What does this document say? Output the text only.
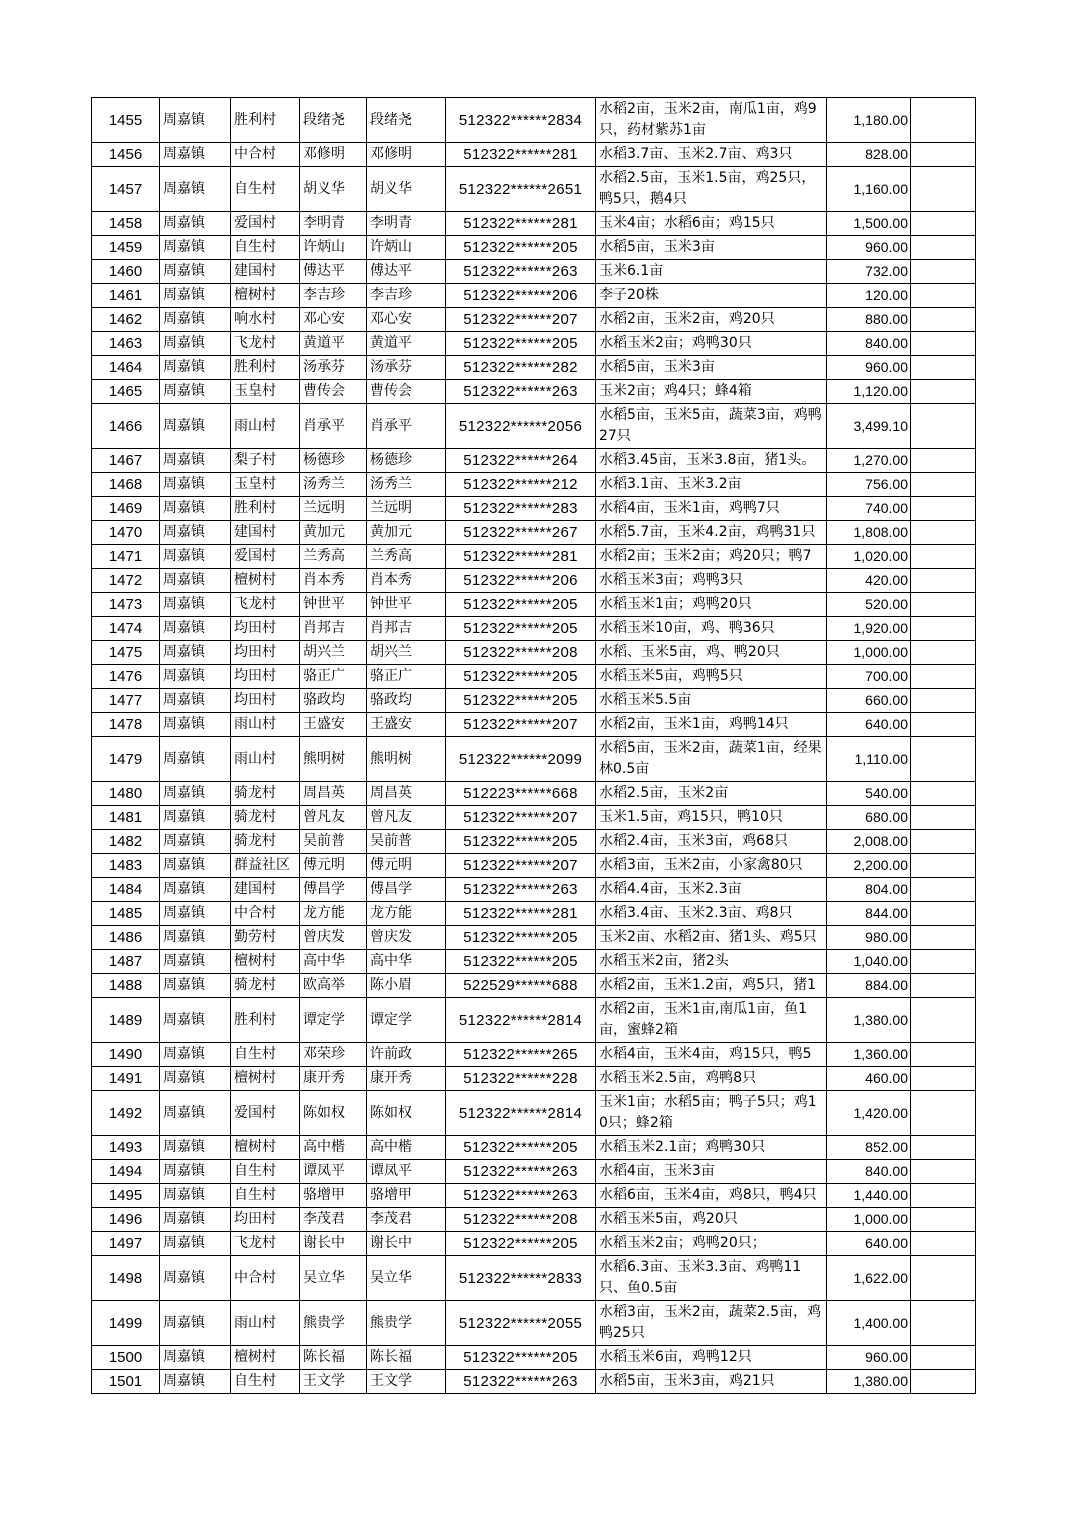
1455	周嘉镇	胜利村	段绪尧	段绪尧	512322******2834	水稻2亩，玉米2亩，南瓜1亩，鸡9只，药材紫苏1亩	1,180.00	
1456	周嘉镇	中合村	邓修明	邓修明	512322******281	水稻3.7亩、玉米2.7亩、鸡3只	828.00	
1457	周嘉镇	自生村	胡义华	胡义华	512322******2651	水稻2.5亩，玉米1.5亩，鸡25只，鸭5只，鹅4只	1,160.00	
1458	周嘉镇	爱国村	李明青	李明青	512322******281	玉米4亩；水稻6亩；鸡15只	1,500.00	
1459	周嘉镇	自生村	许炳山	许炳山	512322******205	水稻5亩，玉米3亩	960.00	
1460	周嘉镇	建国村	傅达平	傅达平	512322******263	玉米6.1亩	732.00	
1461	周嘉镇	檀树村	李吉珍	李吉珍	512322******206	李子20株	120.00	
1462	周嘉镇	响水村	邓心安	邓心安	512322******207	水稻2亩，玉米2亩，鸡20只	880.00	
1463	周嘉镇	飞龙村	黄道平	黄道平	512322******205	水稻玉米2亩；鸡鸭30只	840.00	
1464	周嘉镇	胜利村	汤承芬	汤承芬	512322******282	水稻5亩，玉米3亩	960.00	
1465	周嘉镇	玉皇村	曹传会	曹传会	512322******263	玉米2亩；鸡4只；蜂4箱	1,120.00	
1466	周嘉镇	雨山村	肖承平	肖承平	512322******2056	水稻5亩，玉米5亩，蔬菜3亩，鸡鸭27只	3,499.10	
1467	周嘉镇	梨子村	杨德珍	杨德珍	512322******264	水稻3.45亩，玉米3.8亩，猪1头。	1,270.00	
1468	周嘉镇	玉皇村	汤秀兰	汤秀兰	512322******212	水稻3.1亩、玉米3.2亩	756.00	
1469	周嘉镇	胜利村	兰远明	兰远明	512322******283	水稻4亩，玉米1亩，鸡鸭7只	740.00	
1470	周嘉镇	建国村	黄加元	黄加元	512322******267	水稻5.7亩，玉米4.2亩，鸡鸭31只	1,808.00	
1471	周嘉镇	爱国村	兰秀高	兰秀高	512322******281	水稻2亩；玉米2亩；鸡20只；鸭7	1,020.00	
1472	周嘉镇	檀树村	肖本秀	肖本秀	512322******206	水稻玉米3亩；鸡鸭3只	420.00	
1473	周嘉镇	飞龙村	钟世平	钟世平	512322******205	水稻玉米1亩；鸡鸭20只	520.00	
1474	周嘉镇	均田村	肖邦吉	肖邦吉	512322******205	水稻玉米10亩，鸡、鸭36只	1,920.00	
1475	周嘉镇	均田村	胡兴兰	胡兴兰	512322******208	水稻、玉米5亩，鸡、鸭20只	1,000.00	
1476	周嘉镇	均田村	骆正广	骆正广	512322******205	水稻玉米5亩，鸡鸭5只	700.00	
1477	周嘉镇	均田村	骆政均	骆政均	512322******205	水稻玉米5.5亩	660.00	
1478	周嘉镇	雨山村	王盛安	王盛安	512322******207	水稻2亩，玉米1亩，鸡鸭14只	640.00	
1479	周嘉镇	雨山村	熊明树	熊明树	512322******2099	水稻5亩，玉米2亩，蔬菜1亩，经果林0.5亩	1,110.00	
1480	周嘉镇	骑龙村	周昌英	周昌英	512223******668	水稻2.5亩，玉米2亩	540.00	
1481	周嘉镇	骑龙村	曾凡友	曾凡友	512322******207	玉米1.5亩，鸡15只，鸭10只	680.00	
1482	周嘉镇	骑龙村	吴前普	吴前普	512322******205	水稻2.4亩，玉米3亩，鸡68只	2,008.00	
1483	周嘉镇	群益社区	傅元明	傅元明	512322******207	水稻3亩，玉米2亩，小家禽80只	2,200.00	
1484	周嘉镇	建国村	傅昌学	傅昌学	512322******263	水稻4.4亩，玉米2.3亩	804.00	
1485	周嘉镇	中合村	龙方能	龙方能	512322******281	水稻3.4亩、玉米2.3亩、鸡8只	844.00	
1486	周嘉镇	勤劳村	曾庆发	曾庆发	512322******205	玉米2亩、水稻2亩、猪1头、鸡5只	980.00	
1487	周嘉镇	檀树村	高中华	高中华	512322******205	水稻玉米2亩，猪2头	1,040.00	
1488	周嘉镇	骑龙村	欧高举	陈小眉	522529******688	水稻2亩，玉米1.2亩，鸡5只，猪1	884.00	
1489	周嘉镇	胜利村	谭定学	谭定学	512322******2814	水稻2亩，玉米1亩,南瓜1亩，鱼1亩，蜜蜂2箱	1,380.00	
1490	周嘉镇	自生村	邓荣珍	许前政	512322******265	水稻4亩，玉米4亩，鸡15只，鸭5	1,360.00	
1491	周嘉镇	檀树村	康开秀	康开秀	512322******228	水稻玉米2.5亩，鸡鸭8只	460.00	
1492	周嘉镇	爱国村	陈如权	陈如权	512322******2814	玉米1亩；水稻5亩；鸭子5只；鸡10只；蜂2箱	1,420.00	
1493	周嘉镇	檀树村	高中楷	高中楷	512322******205	水稻玉米2.1亩；鸡鸭30只	852.00	
1494	周嘉镇	自生村	谭凤平	谭凤平	512322******263	水稻4亩，玉米3亩	840.00	
1495	周嘉镇	自生村	骆增甲	骆增甲	512322******263	水稻6亩，玉米4亩，鸡8只，鸭4只	1,440.00	
1496	周嘉镇	均田村	李茂君	李茂君	512322******208	水稻玉米5亩，鸡20只	1,000.00	
1497	周嘉镇	飞龙村	谢长中	谢长中	512322******205	水稻玉米2亩；鸡鸭20只；	640.00	
1498	周嘉镇	中合村	吴立华	吴立华	512322******2833	水稻6.3亩、玉米3.3亩、鸡鸭11只、鱼0.5亩	1,622.00	
1499	周嘉镇	雨山村	熊贵学	熊贵学	512322******2055	水稻3亩，玉米2亩，蔬菜2.5亩，鸡鸭25只	1,400.00	
1500	周嘉镇	檀树村	陈长福	陈长福	512322******205	水稻玉米6亩，鸡鸭12只	960.00	
1501	周嘉镇	自生村	王文学	王文学	512322******263	水稻5亩，玉米3亩，鸡21只	1,380.00	
